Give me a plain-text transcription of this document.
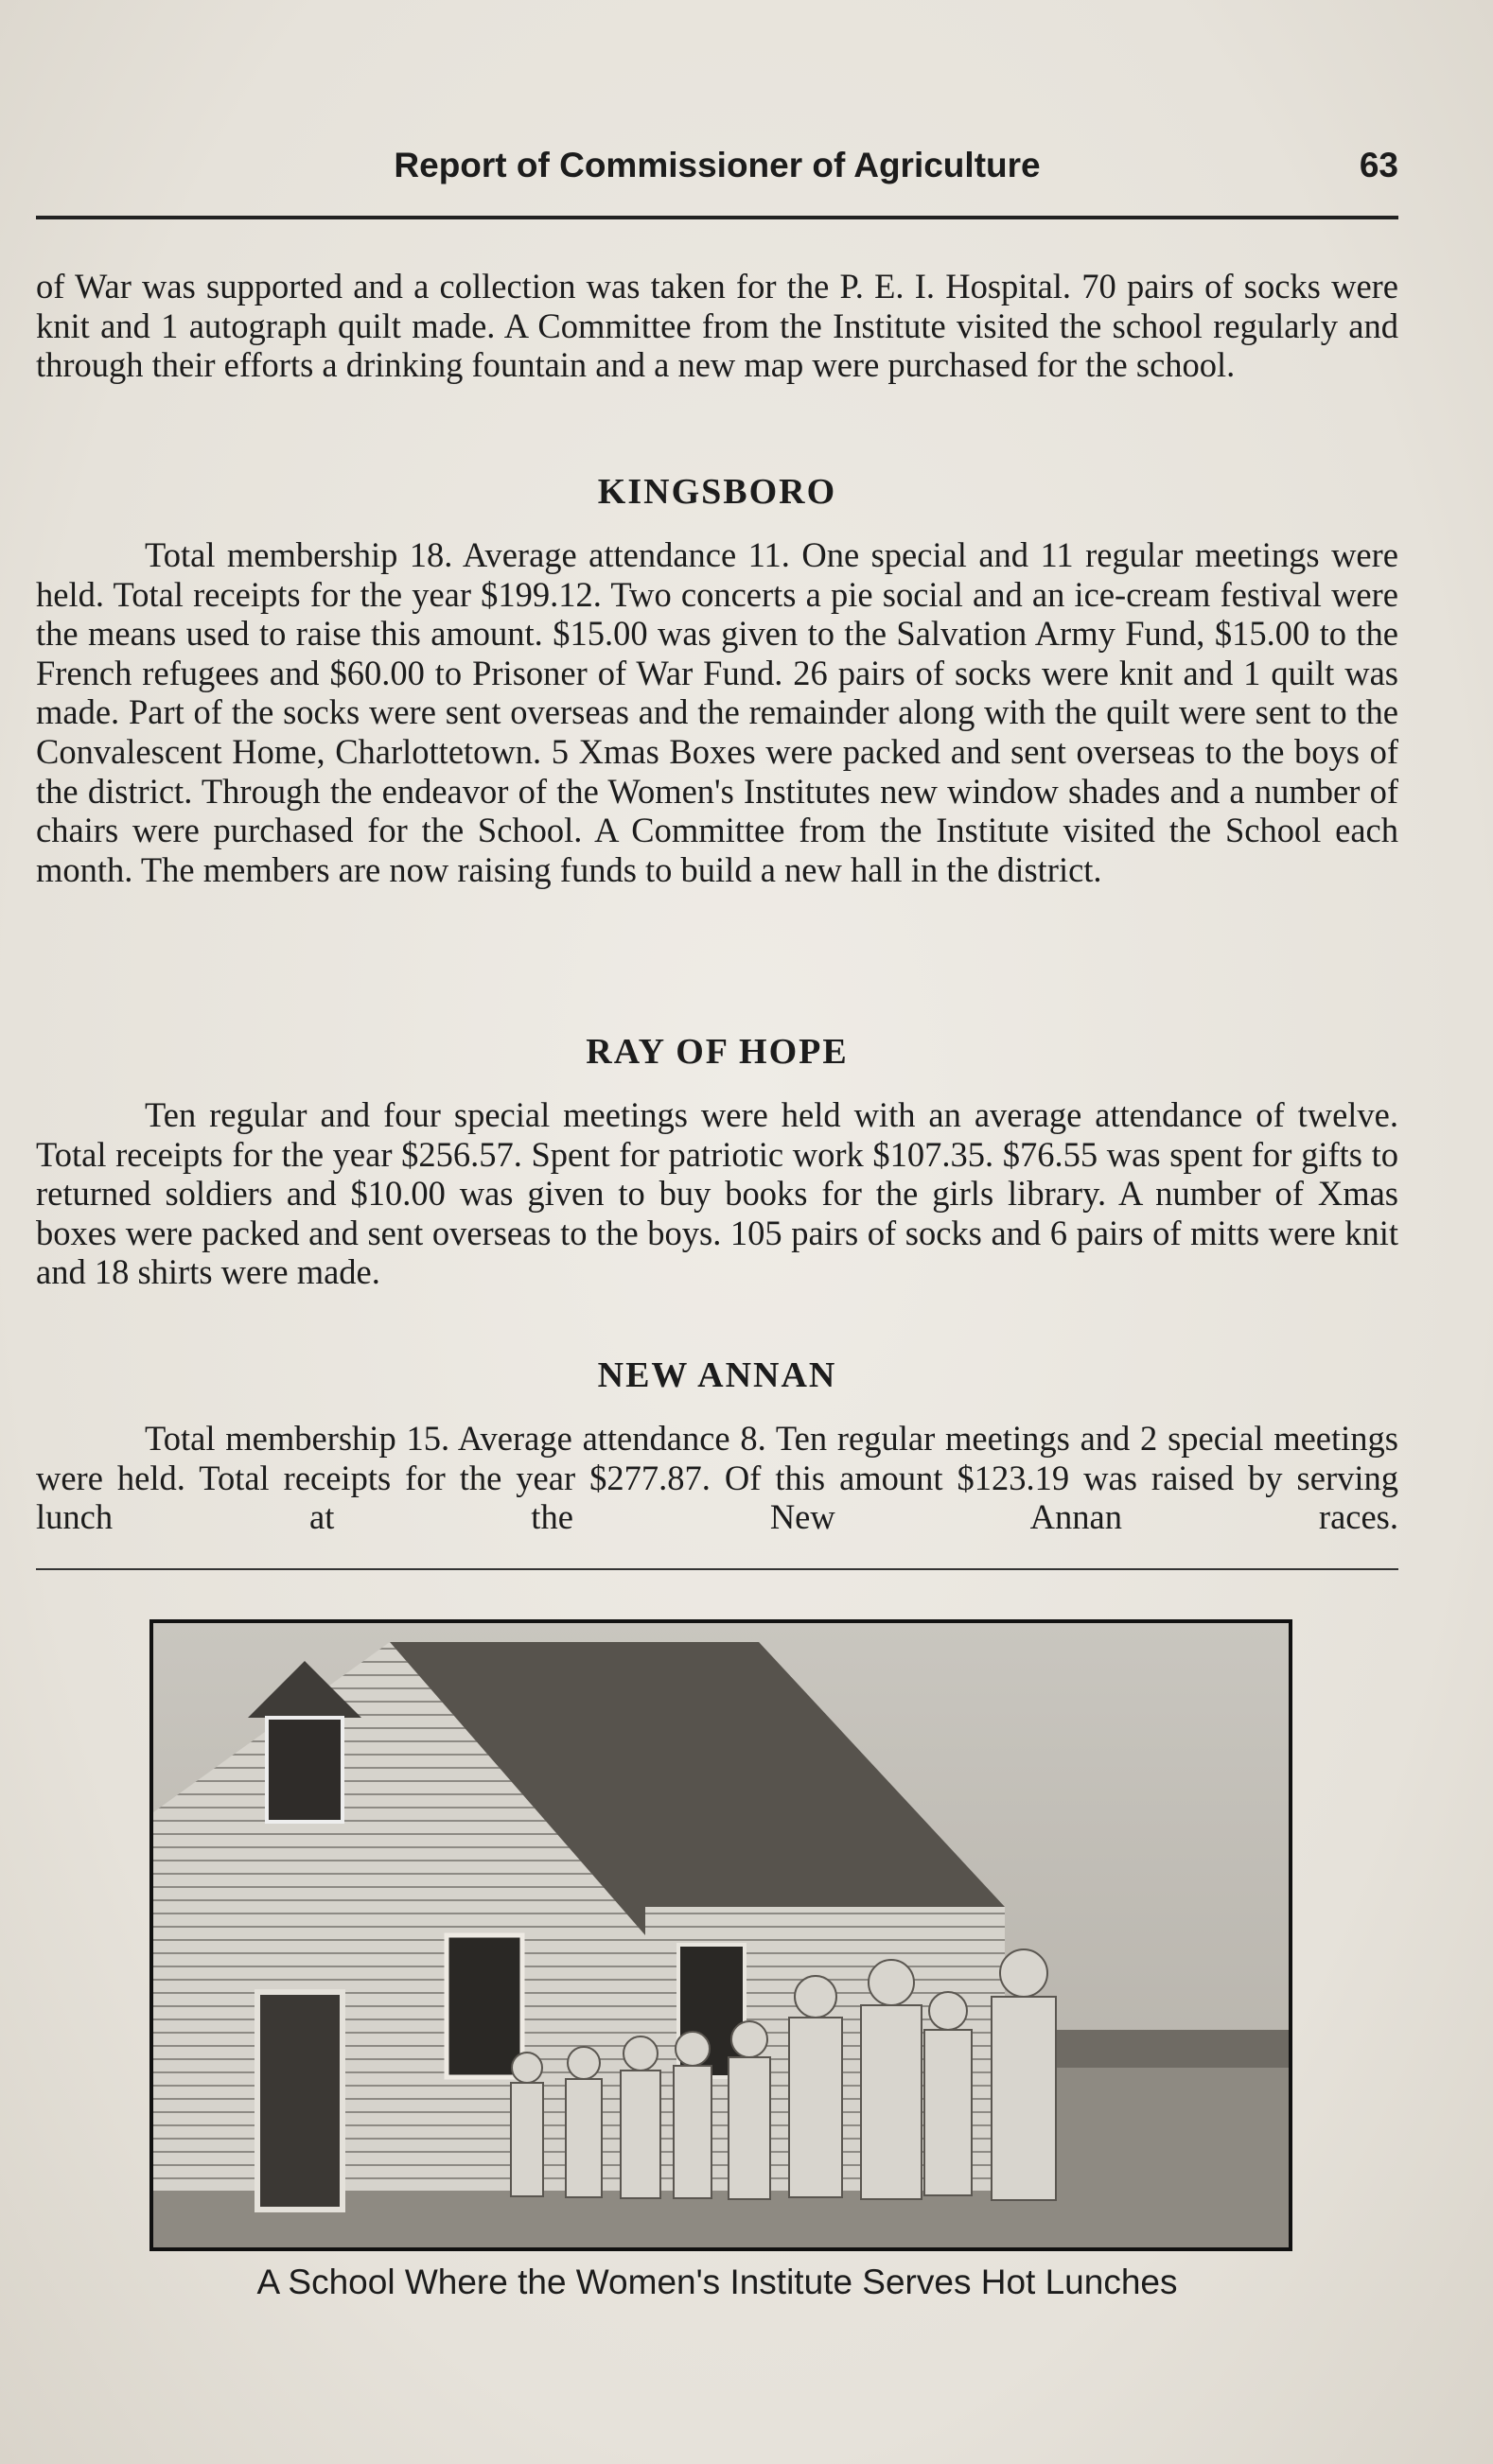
Report of Commissioner of Agriculture	63

of War was supported and a collection was taken for the P. E. I. Hospital. 70 pairs of socks were knit and 1 autograph quilt made. A Committee from the Institute visited the school regularly and through their efforts a drinking fountain and a new map were purchased for the school.

KINGSBORO

Total membership 18. Average attendance 11. One special and 11 regular meetings were held. Total receipts for the year $199.12. Two concerts a pie social and an ice-cream festival were the means used to raise this amount. $15.00 was given to the Salvation Army Fund, $15.00 to the French refugees and $60.00 to Prisoner of War Fund. 26 pairs of socks were knit and 1 quilt was made. Part of the socks were sent overseas and the remainder along with the quilt were sent to the Convalescent Home, Charlottetown. 5 Xmas Boxes were packed and sent overseas to the boys of the district. Through the endeavor of the Women's Institutes new window shades and a number of chairs were purchased for the School. A Committee from the Institute visited the School each month. The members are now raising funds to build a new hall in the district.

RAY OF HOPE

Ten regular and four special meetings were held with an average attendance of twelve. Total receipts for the year $256.57. Spent for patriotic work $107.35. $76.55 was spent for gifts to returned soldiers and $10.00 was given to buy books for the girls library. A number of Xmas boxes were packed and sent overseas to the boys. 105 pairs of socks and 6 pairs of mitts were knit and 18 shirts were made.

NEW ANNAN

Total membership 15. Average attendance 8. Ten regular meetings and 2 special meetings were held. Total receipts for the year $277.87. Of this amount $123.19 was raised by serving lunch at the New Annan races.

A School Where the Women's Institute Serves Hot Lunches
